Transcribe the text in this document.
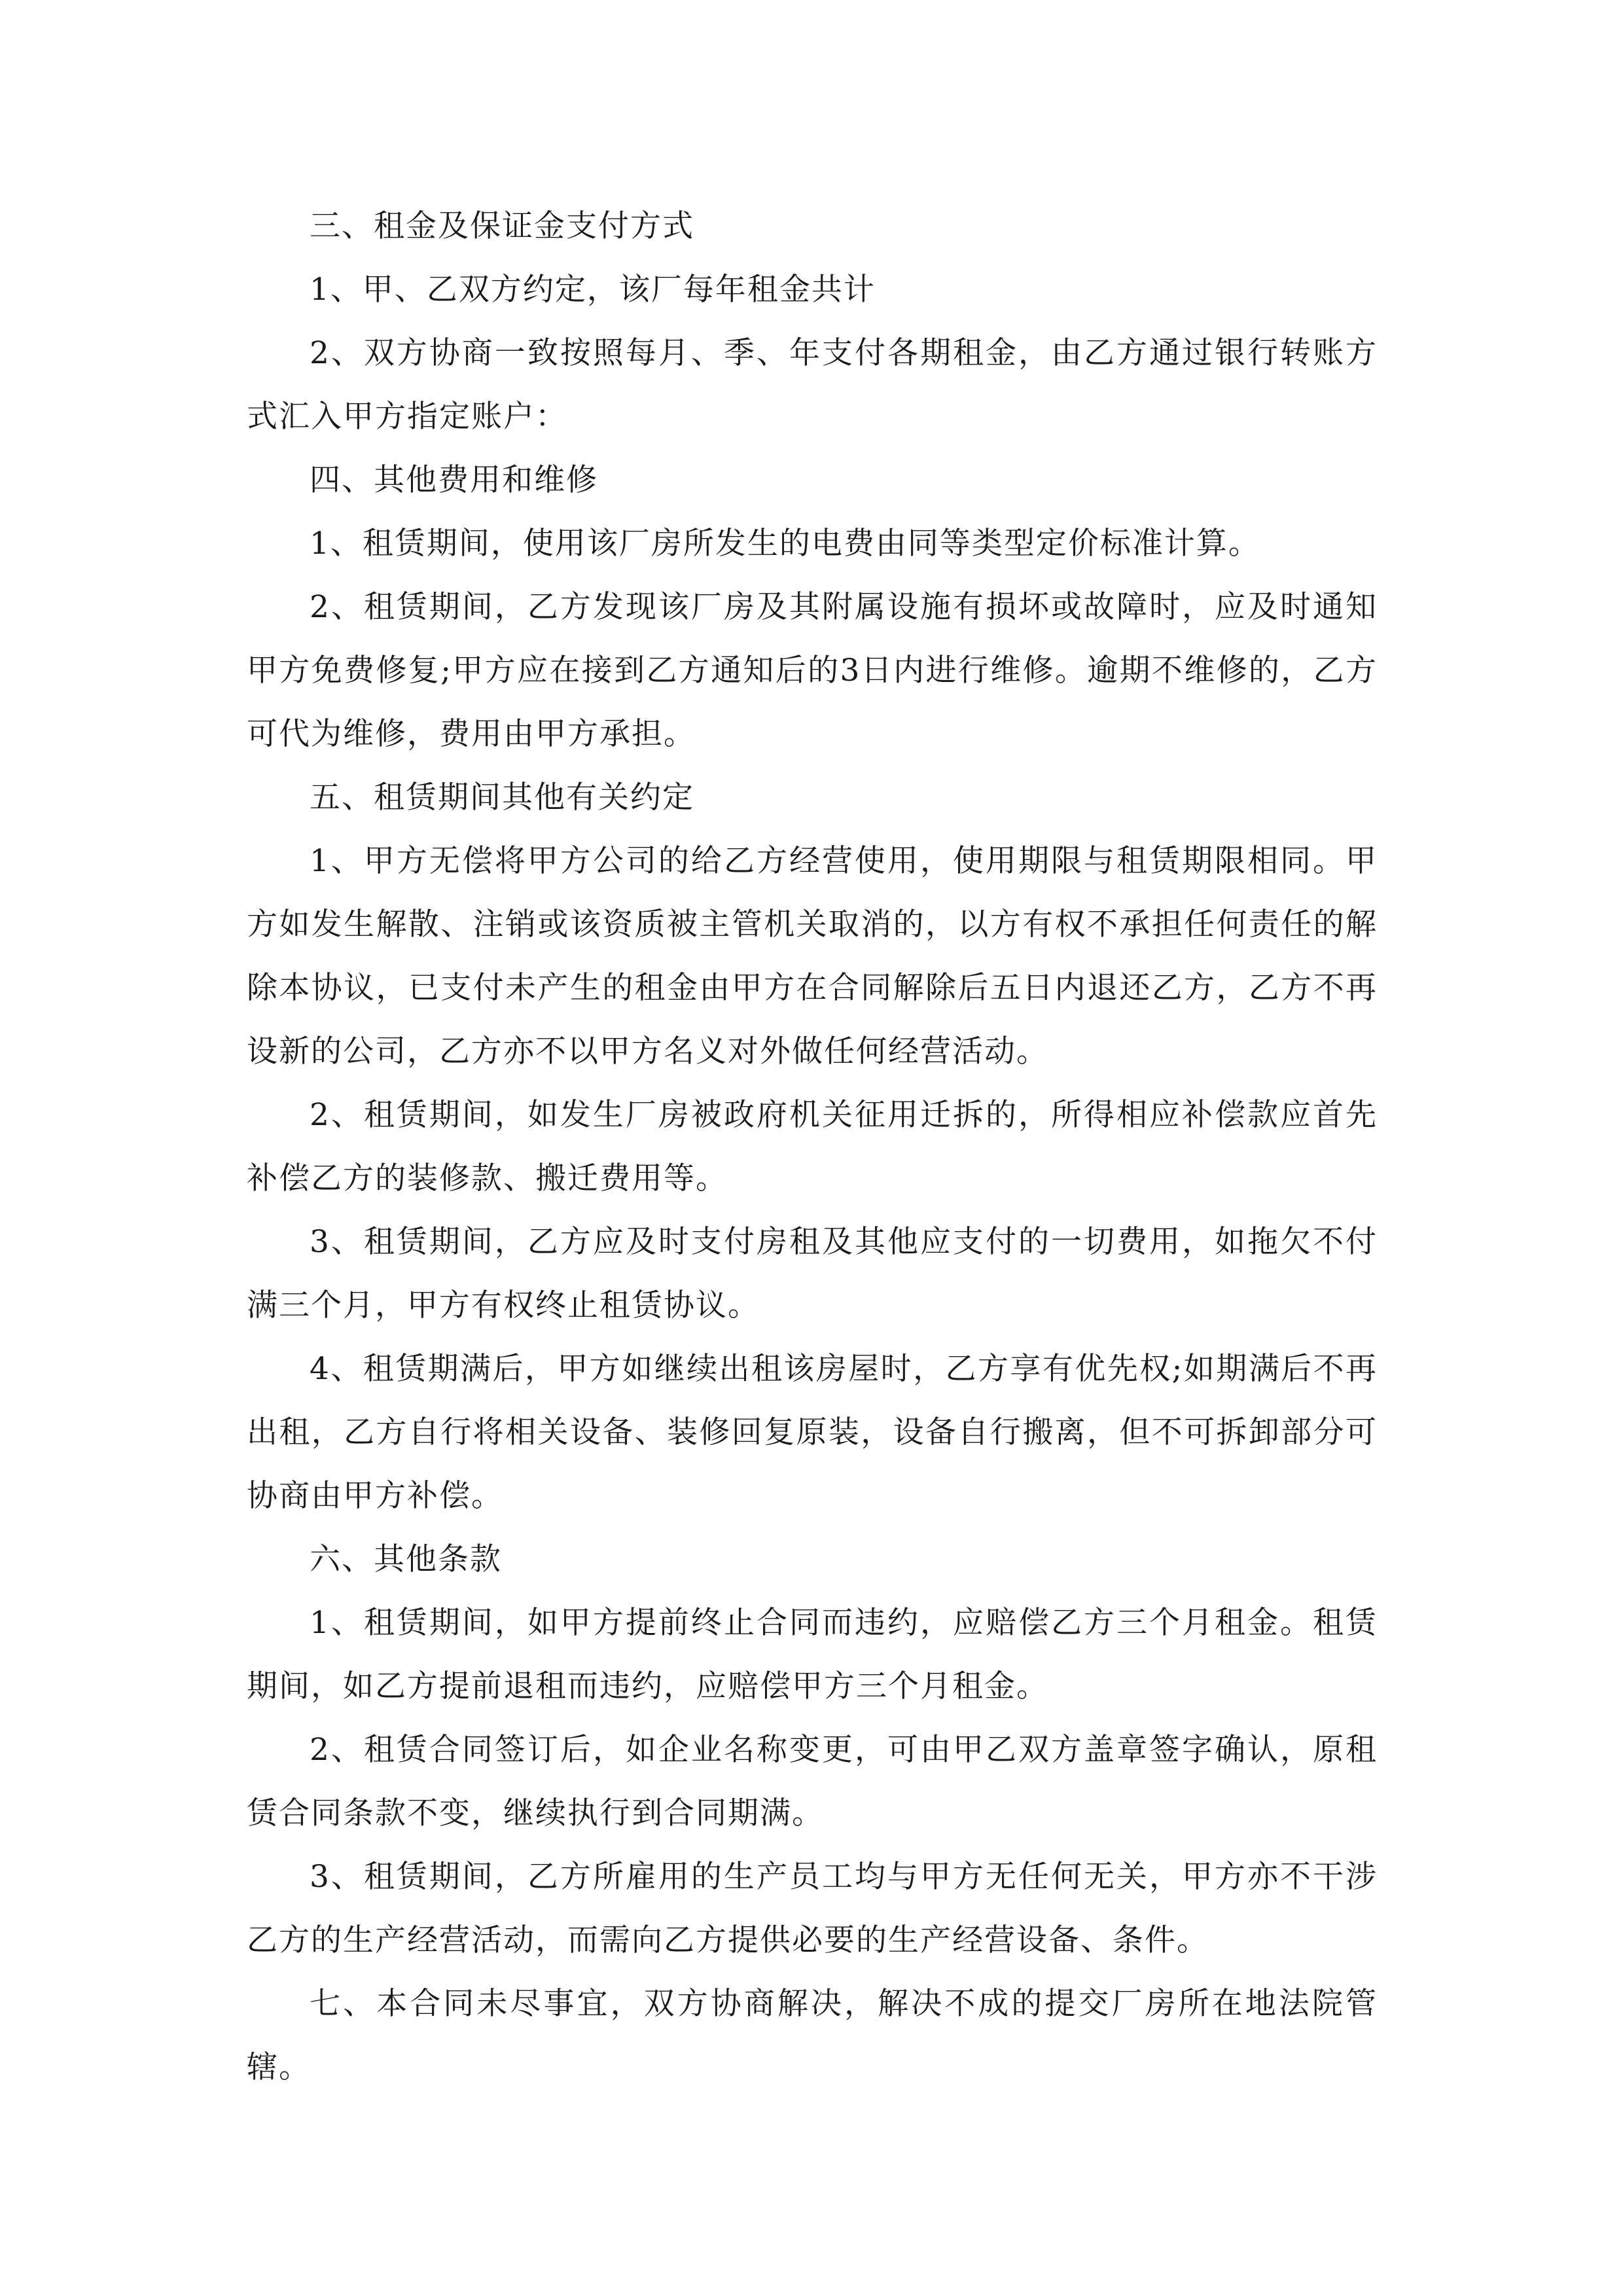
三、租金及保证金支付方式

1、甲、乙双方约定，该厂每年租金共计

2、双方协商一致按照每月、季、年支付各期租金，由乙方通过银行转账方式汇入甲方指定账户：

四、其他费用和维修

1、租赁期间，使用该厂房所发生的电费由同等类型定价标准计算。

2、租赁期间，乙方发现该厂房及其附属设施有损坏或故障时，应及时通知甲方免费修复;甲方应在接到乙方通知后的3日内进行维修。逾期不维修的，乙方可代为维修，费用由甲方承担。

五、租赁期间其他有关约定

1、甲方无偿将甲方公司的给乙方经营使用，使用期限与租赁期限相同。甲方如发生解散、注销或该资质被主管机关取消的，以方有权不承担任何责任的解除本协议，已支付未产生的租金由甲方在合同解除后五日内退还乙方，乙方不再设新的公司，乙方亦不以甲方名义对外做任何经营活动。

2、租赁期间，如发生厂房被政府机关征用迁拆的，所得相应补偿款应首先补偿乙方的装修款、搬迁费用等。

3、租赁期间，乙方应及时支付房租及其他应支付的一切费用，如拖欠不付满三个月，甲方有权终止租赁协议。

4、租赁期满后，甲方如继续出租该房屋时，乙方享有优先权;如期满后不再出租，乙方自行将相关设备、装修回复原装，设备自行搬离，但不可拆卸部分可协商由甲方补偿。

六、其他条款

1、租赁期间，如甲方提前终止合同而违约，应赔偿乙方三个月租金。租赁期间，如乙方提前退租而违约，应赔偿甲方三个月租金。

2、租赁合同签订后，如企业名称变更，可由甲乙双方盖章签字确认，原租赁合同条款不变，继续执行到合同期满。

3、租赁期间，乙方所雇用的生产员工均与甲方无任何无关，甲方亦不干涉乙方的生产经营活动，而需向乙方提供必要的生产经营设备、条件。

七、本合同未尽事宜，双方协商解决，解决不成的提交厂房所在地法院管辖。
